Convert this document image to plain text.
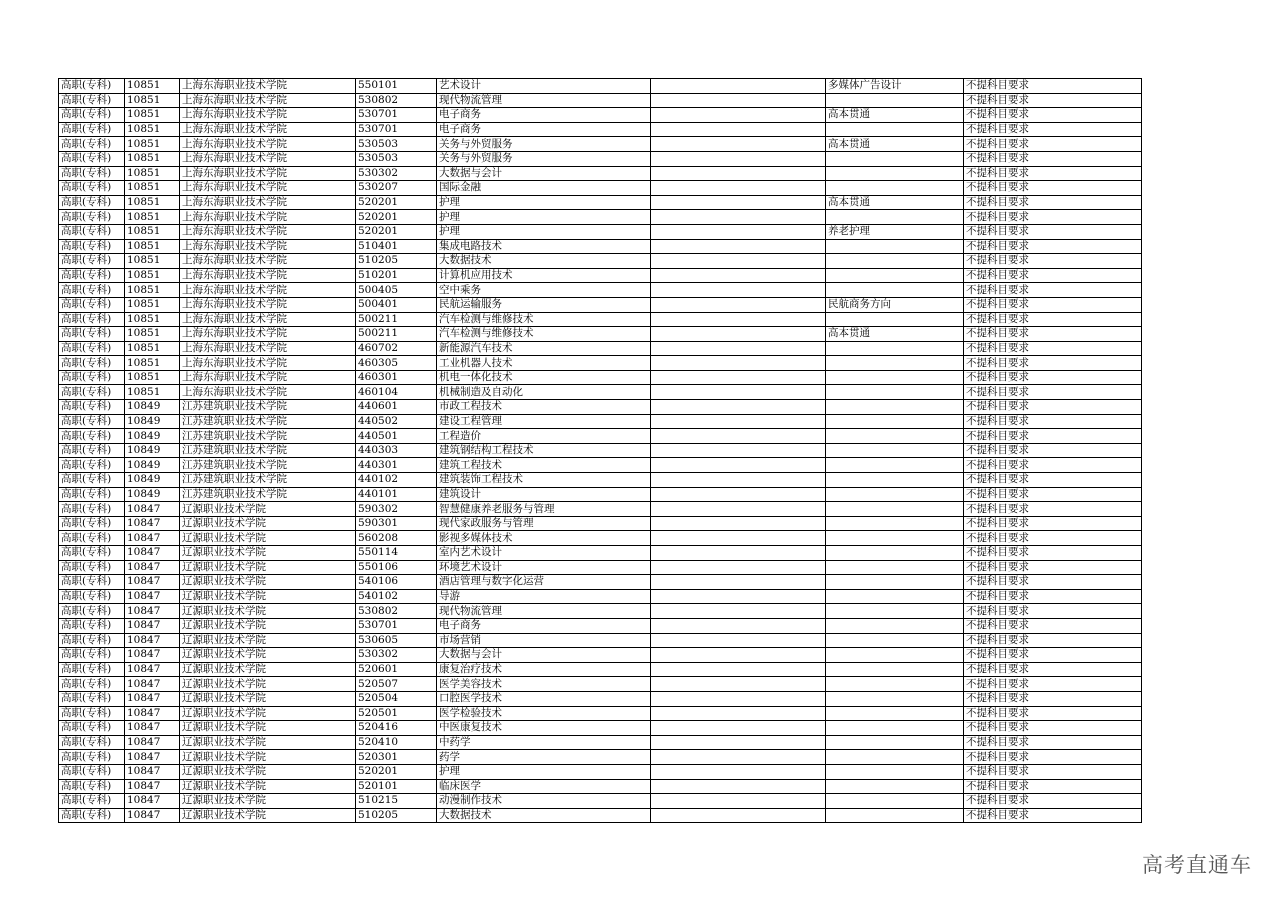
高职(专科)	10851	上海东海职业技术学院	550101	艺术设计		多媒体广告设计	不提科目要求
高职(专科)	10851	上海东海职业技术学院	530802	现代物流管理			不提科目要求
高职(专科)	10851	上海东海职业技术学院	530701	电子商务		高本贯通	不提科目要求
高职(专科)	10851	上海东海职业技术学院	530701	电子商务			不提科目要求
高职(专科)	10851	上海东海职业技术学院	530503	关务与外贸服务		高本贯通	不提科目要求
高职(专科)	10851	上海东海职业技术学院	530503	关务与外贸服务			不提科目要求
高职(专科)	10851	上海东海职业技术学院	530302	大数据与会计			不提科目要求
高职(专科)	10851	上海东海职业技术学院	530207	国际金融			不提科目要求
高职(专科)	10851	上海东海职业技术学院	520201	护理		高本贯通	不提科目要求
高职(专科)	10851	上海东海职业技术学院	520201	护理			不提科目要求
高职(专科)	10851	上海东海职业技术学院	520201	护理		养老护理	不提科目要求
高职(专科)	10851	上海东海职业技术学院	510401	集成电路技术			不提科目要求
高职(专科)	10851	上海东海职业技术学院	510205	大数据技术			不提科目要求
高职(专科)	10851	上海东海职业技术学院	510201	计算机应用技术			不提科目要求
高职(专科)	10851	上海东海职业技术学院	500405	空中乘务			不提科目要求
高职(专科)	10851	上海东海职业技术学院	500401	民航运输服务		民航商务方向	不提科目要求
高职(专科)	10851	上海东海职业技术学院	500211	汽车检测与维修技术			不提科目要求
高职(专科)	10851	上海东海职业技术学院	500211	汽车检测与维修技术		高本贯通	不提科目要求
高职(专科)	10851	上海东海职业技术学院	460702	新能源汽车技术			不提科目要求
高职(专科)	10851	上海东海职业技术学院	460305	工业机器人技术			不提科目要求
高职(专科)	10851	上海东海职业技术学院	460301	机电一体化技术			不提科目要求
高职(专科)	10851	上海东海职业技术学院	460104	机械制造及自动化			不提科目要求
高职(专科)	10849	江苏建筑职业技术学院	440601	市政工程技术			不提科目要求
高职(专科)	10849	江苏建筑职业技术学院	440502	建设工程管理			不提科目要求
高职(专科)	10849	江苏建筑职业技术学院	440501	工程造价			不提科目要求
高职(专科)	10849	江苏建筑职业技术学院	440303	建筑钢结构工程技术			不提科目要求
高职(专科)	10849	江苏建筑职业技术学院	440301	建筑工程技术			不提科目要求
高职(专科)	10849	江苏建筑职业技术学院	440102	建筑装饰工程技术			不提科目要求
高职(专科)	10849	江苏建筑职业技术学院	440101	建筑设计			不提科目要求
高职(专科)	10847	辽源职业技术学院	590302	智慧健康养老服务与管理			不提科目要求
高职(专科)	10847	辽源职业技术学院	590301	现代家政服务与管理			不提科目要求
高职(专科)	10847	辽源职业技术学院	560208	影视多媒体技术			不提科目要求
高职(专科)	10847	辽源职业技术学院	550114	室内艺术设计			不提科目要求
高职(专科)	10847	辽源职业技术学院	550106	环境艺术设计			不提科目要求
高职(专科)	10847	辽源职业技术学院	540106	酒店管理与数字化运营			不提科目要求
高职(专科)	10847	辽源职业技术学院	540102	导游			不提科目要求
高职(专科)	10847	辽源职业技术学院	530802	现代物流管理			不提科目要求
高职(专科)	10847	辽源职业技术学院	530701	电子商务			不提科目要求
高职(专科)	10847	辽源职业技术学院	530605	市场营销			不提科目要求
高职(专科)	10847	辽源职业技术学院	530302	大数据与会计			不提科目要求
高职(专科)	10847	辽源职业技术学院	520601	康复治疗技术			不提科目要求
高职(专科)	10847	辽源职业技术学院	520507	医学美容技术			不提科目要求
高职(专科)	10847	辽源职业技术学院	520504	口腔医学技术			不提科目要求
高职(专科)	10847	辽源职业技术学院	520501	医学检验技术			不提科目要求
高职(专科)	10847	辽源职业技术学院	520416	中医康复技术			不提科目要求
高职(专科)	10847	辽源职业技术学院	520410	中药学			不提科目要求
高职(专科)	10847	辽源职业技术学院	520301	药学			不提科目要求
高职(专科)	10847	辽源职业技术学院	520201	护理			不提科目要求
高职(专科)	10847	辽源职业技术学院	520101	临床医学			不提科目要求
高职(专科)	10847	辽源职业技术学院	510215	动漫制作技术			不提科目要求
高职(专科)	10847	辽源职业技术学院	510205	大数据技术			不提科目要求
高考直通车
